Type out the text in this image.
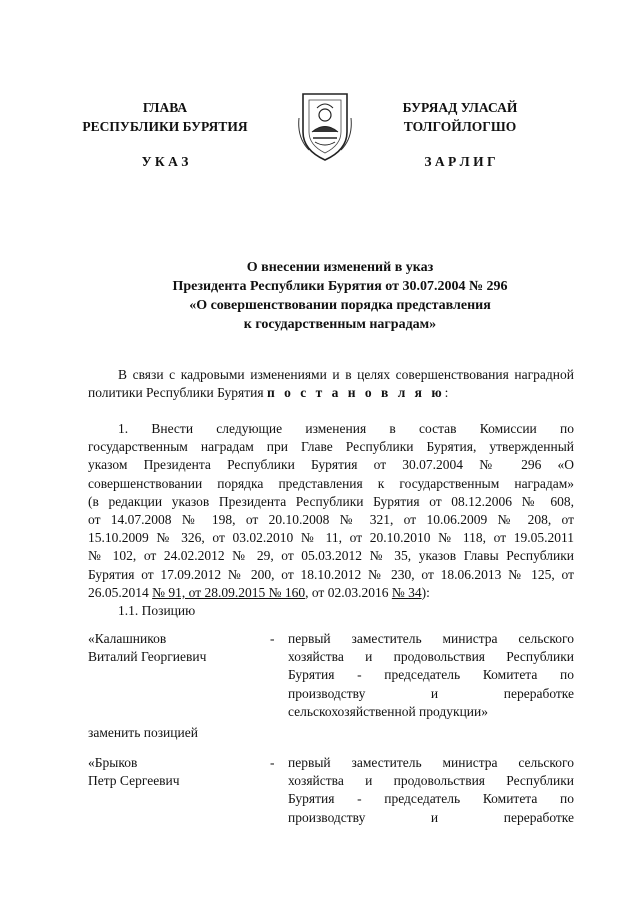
ГЛАВА
РЕСПУБЛИКИ БУРЯТИЯ
У К А З
БУРЯАД УЛАСАЙ
ТОЛГОЙЛОГШО
З А Р Л И Г
О внесении изменений в указ
Президента Республики Бурятия от 30.07.2004 № 296
«О совершенствовании порядка представления
к государственным наградам»

В связи с кадровыми изменениями и в целях совершенствования наградной политики Республики Бурятия п о с т а н о в л я ю:

1. Внести следующие изменения в состав Комиссии по
государственным наградам при Главе Республики Бурятия, утвержденный
указом Президента Республики Бурятия от 30.07.2004 № 296 «О
совершенствовании порядка представления к государственным наградам»
(в редакции указов Президента Республики Бурятия от 08.12.2006 № 608,
от 14.07.2008 № 198, от 20.10.2008 № 321, от 10.06.2009 № 208, от
15.10.2009 № 326, от 03.02.2010 № 11, от 20.10.2010 № 118, от 19.05.2011
№ 102, от 24.02.2012 № 29, от 05.03.2012 № 35, указов Главы Республики
Бурятия от 17.09.2012 № 200, от 18.10.2012 № 230, от 18.06.2013 № 125, от
26.05.2014 № 91, от 28.09.2015 № 160, от 02.03.2016 № 34):

1.1. Позицию

«Калашников
Виталий Георгиевич
- первый заместитель министра сельского
хозяйства и продовольствия Республики
Бурятия - председатель Комитета по
производству и переработке
сельскохозяйственной продукции»
заменить позицией
«Брыков
Петр Сергеевич
- первый заместитель министра сельского
хозяйства и продовольствия Республики
Бурятия - председатель Комитета по
производству и переработке
